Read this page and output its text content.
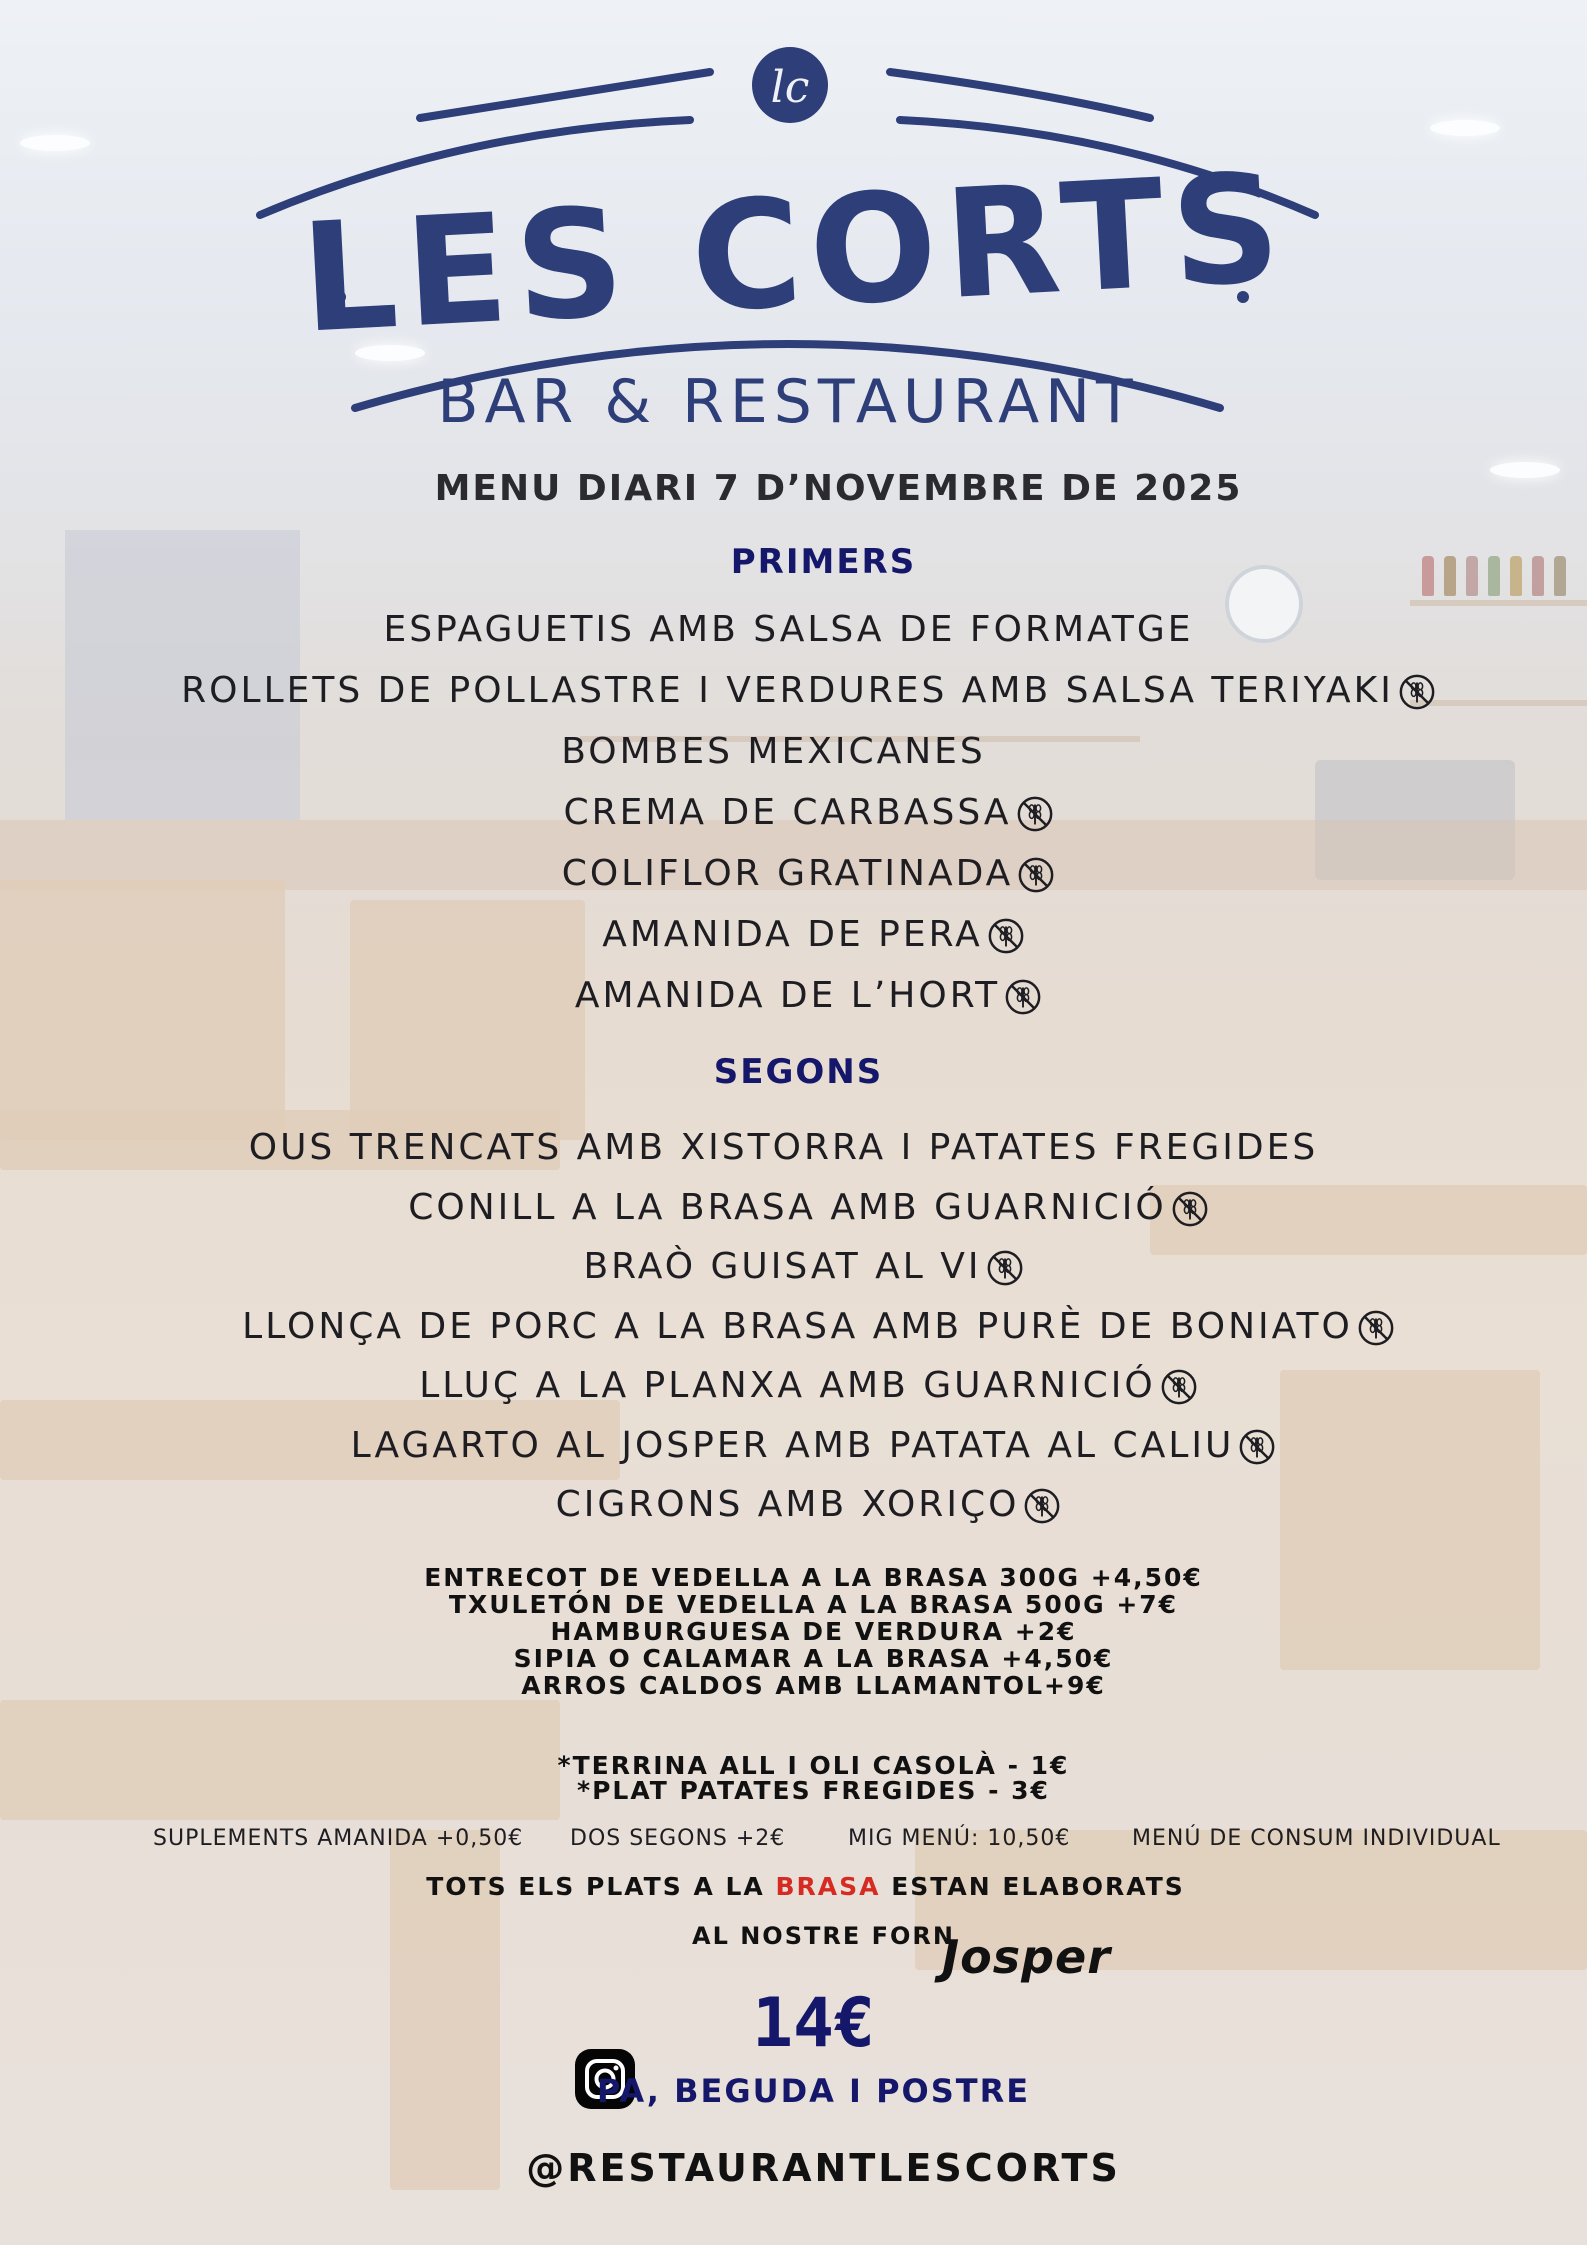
lc
LES CORTS
BAR & RESTAURANT
MENU DIARI 7 D’NOVEMBRE DE 2025
PRIMERS
ESPAGUETIS AMB SALSA DE FORMATGE
ROLLETS DE POLLASTRE I VERDURES AMB SALSA TERIYAKI
BOMBES MEXICANES
CREMA DE CARBASSA
COLIFLOR GRATINADA
AMANIDA DE PERA
AMANIDA DE L’HORT
SEGONS
OUS TRENCATS AMB XISTORRA I PATATES FREGIDES
CONILL A LA BRASA AMB GUARNICIÓ
BRAÒ GUISAT AL VI
LLONÇA DE PORC A LA BRASA AMB PURÈ DE BONIATO
LLUÇ A LA PLANXA AMB GUARNICIÓ
LAGARTO AL JOSPER AMB PATATA AL CALIU
CIGRONS AMB XORIÇO
ENTRECOT DE VEDELLA A LA BRASA 300G +4,50€
TXULETÓN DE VEDELLA A LA BRASA 500G +7€
HAMBURGUESA DE VERDURA +2€
SIPIA O CALAMAR A LA BRASA +4,50€
ARROS CALDOS AMB LLAMANTOL+9€
*TERRINA ALL I OLI CASOLÀ - 1€
*PLAT PATATES FREGIDES - 3€
SUPLEMENTS AMANIDA +0,50€ DOS SEGONS +2€	MIG MENÚ: 10,50€	MENÚ DE CONSUM INDIVIDUAL
TOTS ELS PLATS A LA BRASA ESTAN ELABORATS
AL NOSTRE FORN
Josper
14€
PA, BEGUDA I POSTRE
@RESTAURANTLESCORTS
